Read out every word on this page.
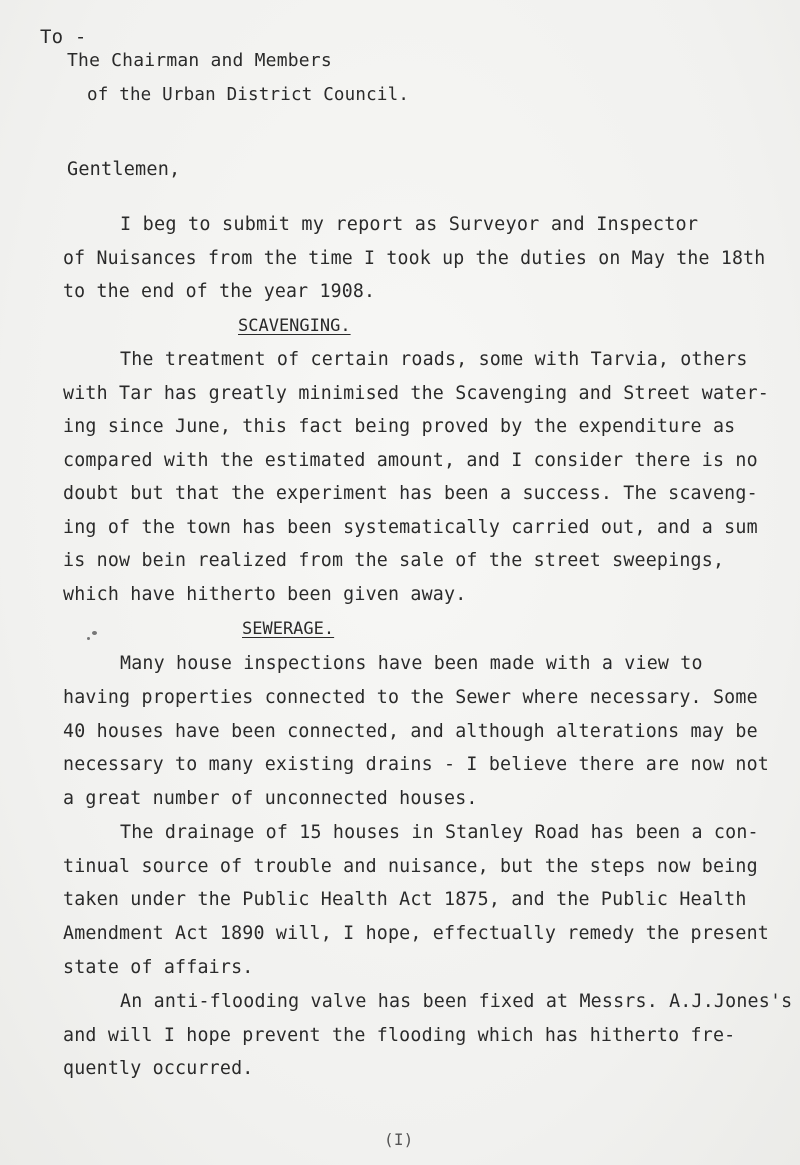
To -
The Chairman and Members
of the Urban District Council.
Gentlemen,
I beg to submit my report as Surveyor and Inspector
of Nuisances from the time I took up the duties on May the 18th
to the end of the year 1908.
SCAVENGING.
The treatment of certain roads, some with Tarvia, others
with Tar has greatly minimised the Scavenging and Street water-
ing since June, this fact being proved by the expenditure as
compared with the estimated amount, and I consider there is no
doubt but that the experiment has been a success. The scaveng-
ing of the town has been systematically carried out, and a sum
is now bein realized from the sale of the street sweepings,
which have hitherto been given away.
SEWERAGE.
Many house inspections have been made with a view to
having properties connected to the Sewer where necessary. Some
40 houses have been connected, and although alterations may be
necessary to many existing drains - I believe there are now not
a great number of unconnected houses.
The drainage of 15 houses in Stanley Road has been a con-
tinual source of trouble and nuisance, but the steps now being
taken under the Public Health Act 1875, and the Public Health
Amendment Act 1890 will, I hope, effectually remedy the present
state of affairs.
An anti-flooding valve has been fixed at Messrs. A.J.Jones's
and will I hope prevent the flooding which has hitherto fre-
quently occurred.
(I)
